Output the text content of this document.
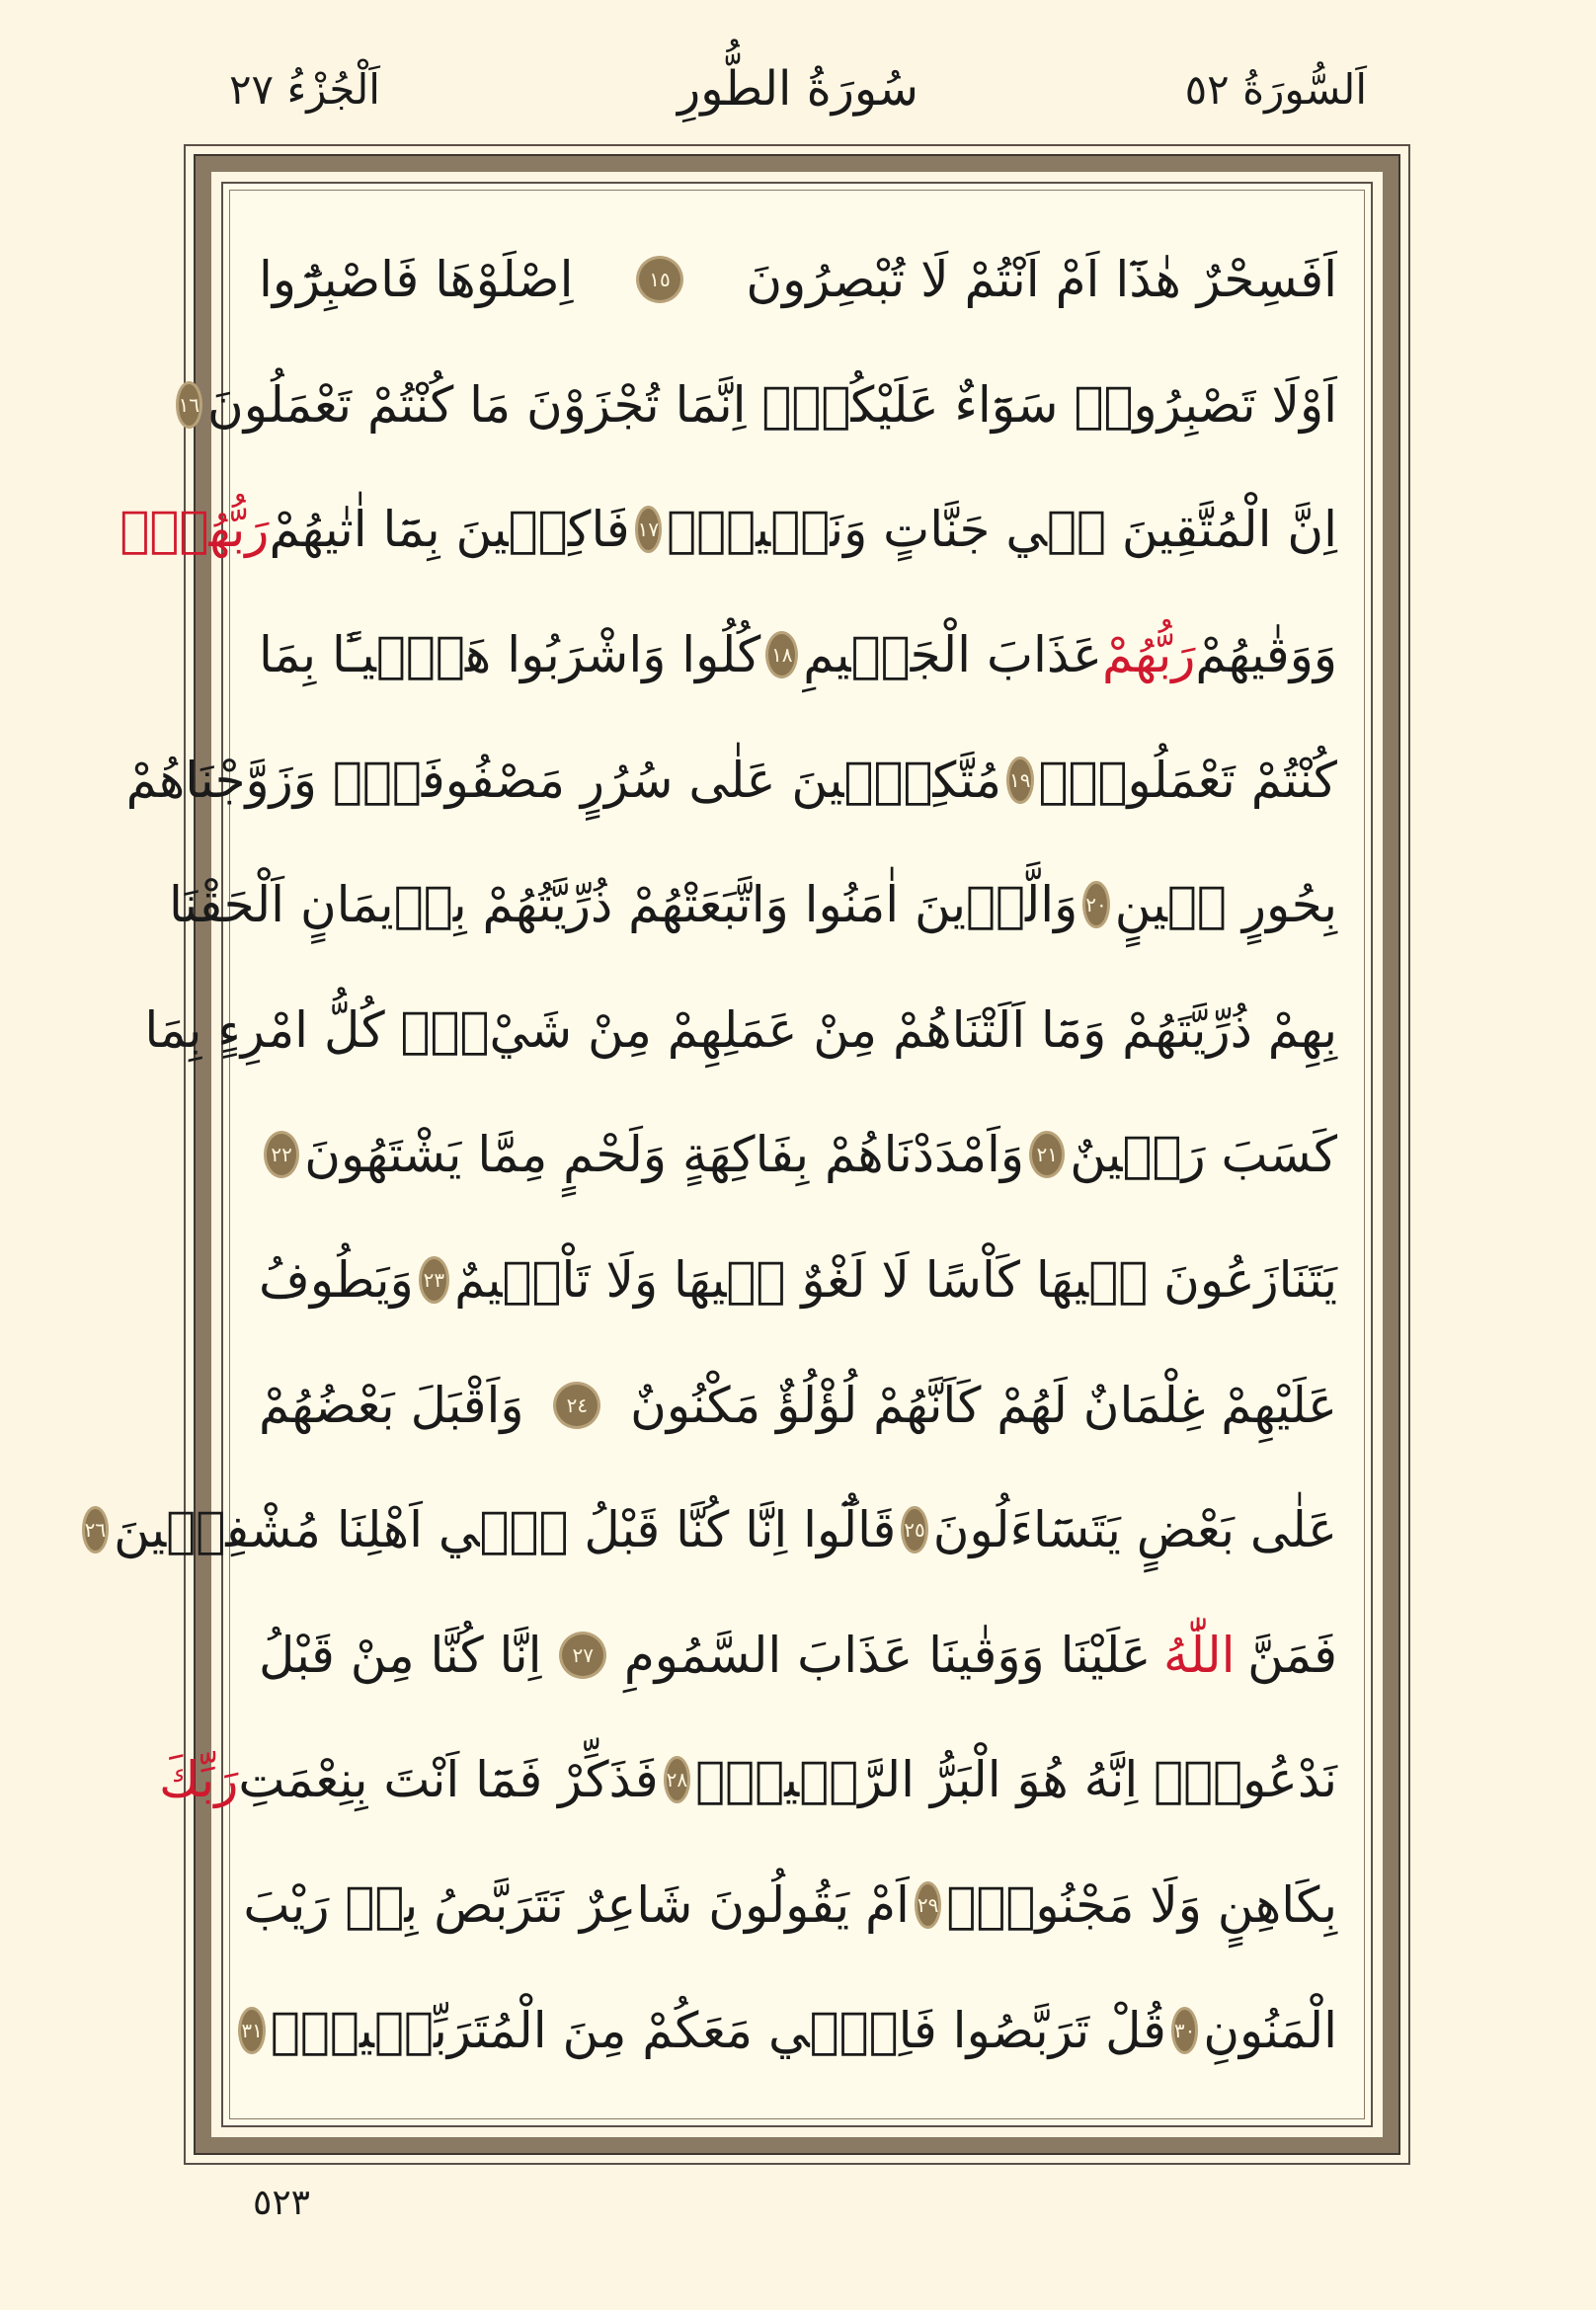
اَلْجُزْءُ ٢٧	سُورَةُ الطُّورِ	اَلسُّورَةُ ٥٢
اَفَسِحْرٌ هٰذَٓا اَمْ اَنْتُمْ لَا تُبْصِرُونَ
١٥
اِصْلَوْهَا فَاصْبِرُٓوا
اَوْلَا تَصْبِرُواۚ سَوَٓاءٌ عَلَيْكُمْۜ اِنَّمَا تُجْزَوْنَ مَا كُنْتُمْ تَعْمَلُونَ
١٦
اِنَّ الْمُتَّقِينَ فٖي جَنَّاتٍ وَنَعٖيمٍۙ
١٧
فَاكِهٖينَ بِمَٓا اٰتٰيهُمْ
رَبُّهُمْۚ
وَوَقٰيهُمْ
رَبُّهُمْ
عَذَابَ الْجَحٖيمِ
١٨
كُلُوا وَاشْرَبُوا هَنٖٓيـًٔا بِمَا
كُنْتُمْ تَعْمَلُونَۙ
١٩
مُتَّكِـٖٔينَ عَلٰى سُرُرٍ مَصْفُوفَةٍۚ وَزَوَّجْنَاهُمْ
بِحُورٍ عٖينٍ
٢٠
وَالَّذٖينَ اٰمَنُوا وَاتَّبَعَتْهُمْ ذُرِّيَّتُهُمْ بِاٖيمَانٍ اَلْحَقْنَا
بِهِمْ ذُرِّيَّتَهُمْ وَمَٓا اَلَتْنَاهُمْ مِنْ عَمَلِهِمْ مِنْ شَيْءٍۜ كُلُّ امْرِءٍ بِمَا
كَسَبَ رَهٖينٌ
٢١
وَاَمْدَدْنَاهُمْ بِفَاكِهَةٍ وَلَحْمٍ مِمَّا يَشْتَهُونَ
٢٢
يَتَنَازَعُونَ فٖيهَا كَاْسًا لَا لَغْوٌ فٖيهَا وَلَا تَاْثٖيمٌ
٢٣
وَيَطُوفُ
عَلَيْهِمْ غِلْمَانٌ لَهُمْ كَاَنَّهُمْ لُؤْلُؤٌ مَكْنُونٌ
٢٤
وَاَقْبَلَ بَعْضُهُمْ
عَلٰى بَعْضٍ يَتَسَٓاءَلُونَ
٢٥
قَالُٓوا اِنَّا كُنَّا قَبْلُ فٖٓي اَهْلِنَا مُشْفِقٖينَ
٢٦
فَمَنَّ
اللّٰهُ
عَلَيْنَا وَوَقٰينَا عَذَابَ السَّمُومِ
٢٧
اِنَّا كُنَّا مِنْ قَبْلُ
نَدْعُوهُۜ اِنَّهُ هُوَ الْبَرُّ الرَّحٖيمُۚ
٢٨
فَذَكِّرْ فَمَٓا اَنْتَ بِنِعْمَتِ
رَبِّكَ
بِكَاهِنٍ وَلَا مَجْنُونٍۜ
٢٩
اَمْ يَقُولُونَ شَاعِرٌ نَتَرَبَّصُ بِهٖ رَيْبَ
الْمَنُونِ
٣٠
قُلْ تَرَبَّصُوا فَاِنّٖي مَعَكُمْ مِنَ الْمُتَرَبِّصٖينَۜ
٣١
٥٢٣
